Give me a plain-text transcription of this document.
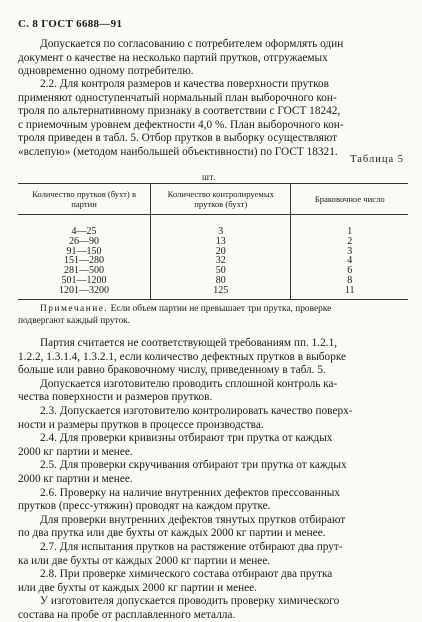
С. 8 ГОСТ 6688—91
Допускается по согласованию с потребителем оформлять один
документ о качестве на несколько партий прутков, отгружаемых
одновременно одному потребителю.
2.2. Для контроля размеров и качества поверхности прутков
применяют одноступенчатый нормальный план выборочного кон-
троля по альтернативному признаку в соответствии с ГОСТ 18242,
с приемочным уровнем дефектности 4,0 %. План выборочного кон-
троля приведен в табл. 5. Отбор прутков в выборку осуществляют
«вслепую» (методом наибольшей объективности) по ГОСТ 18321.
Таблица 5
шт.
Количество прутков (бухт) в партии	Количество контролируемых прутков (бухт)	Браковочное число
4—25	3	1
26—90	13	2
91—150	20	3
151—280	32	4
281—500	50	6
501—1200	80	8
1201—3200	125	11
Примечание. Если объем партии не превышает три прутка, проверке
подвергают каждый пруток.
Партия считается не соответствующей требованиям пп. 1.2.1,
1.2.2, 1.3.1.4, 1.3.2.1, если количество дефектных прутков в выборке
больше или равно браковочному числу, приведенному в табл. 5.
Допускается изготовителю проводить сплошной контроль ка-
чества поверхности и размеров прутков.
2.3. Допускается изготовителю контролировать качество поверх-
ности и размеры прутков в процессе производства.
2.4. Для проверки кривизны отбирают три прутка от каждых
2000 кг партии и менее.
2.5. Для проверки скручивания отбирают три прутка от каждых
2000 кг партии и менее.
2.6. Проверку на наличие внутренних дефектов прессованных
прутков (пресс-утяжин) проводят на каждом прутке.
Для проверки внутренних дефектов тянутых прутков отбирают
по два прутка или две бухты от каждых 2000 кг партии и менее.
2.7. Для испытания прутков на растяжение отбирают два прут-
ка или две бухты от каждых 2000 кг партии и менее.
2.8. При проверке химического состава отбирают два прутка
или две бухты от каждых 2000 кг партии и менее.
У изготовителя допускается проводить проверку химического
состава на пробе от расплавленного металла.
